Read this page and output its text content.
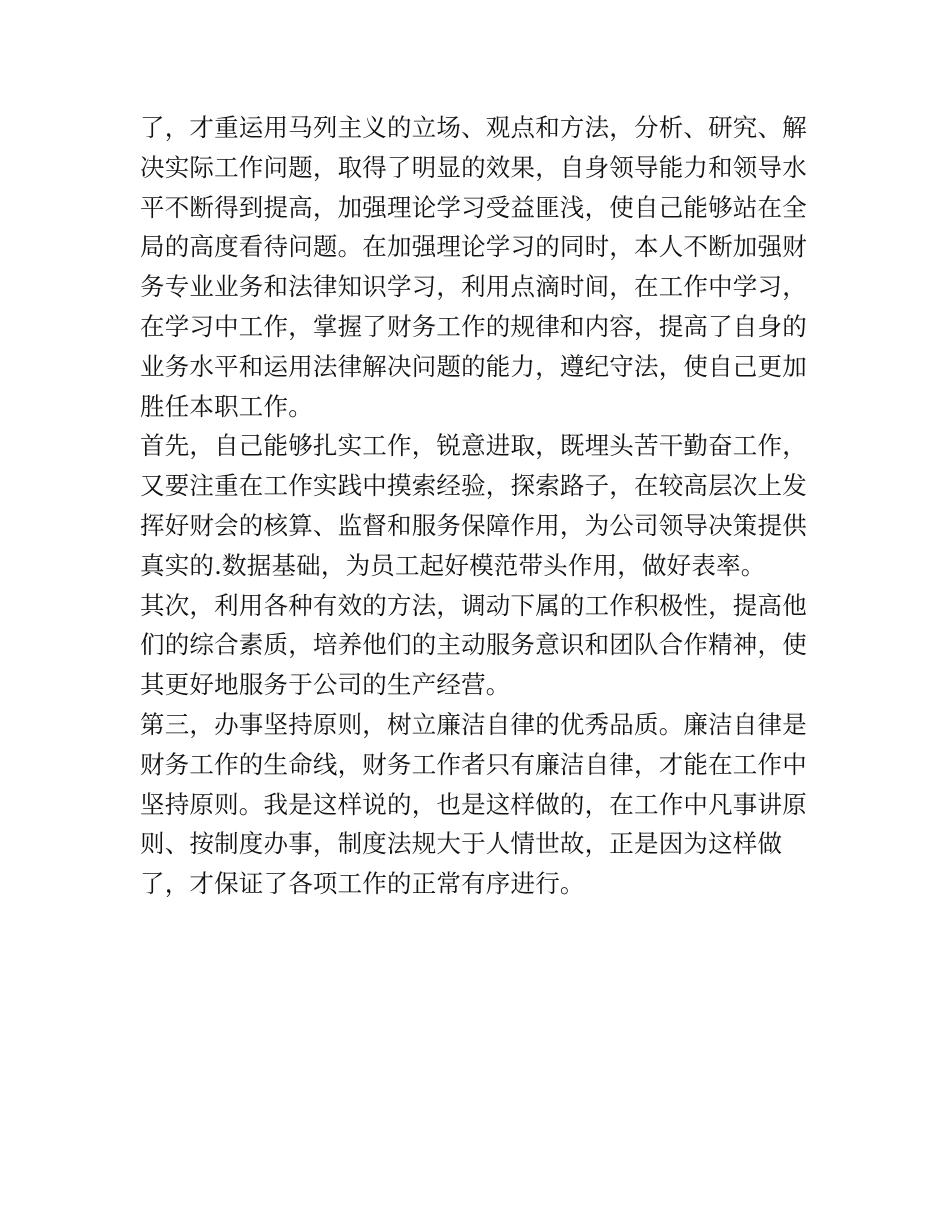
了，才重运用马列主义的立场、观点和方法，分析、研究、解
决实际工作问题，取得了明显的效果，自身领导能力和领导水
平不断得到提高，加强理论学习受益匪浅，使自己能够站在全
局的高度看待问题。在加强理论学习的同时，本人不断加强财
务专业业务和法律知识学习，利用点滴时间，在工作中学习，
在学习中工作，掌握了财务工作的规律和内容，提高了自身的
业务水平和运用法律解决问题的能力，遵纪守法，使自己更加
胜任本职工作。
首先，自己能够扎实工作，锐意进取，既埋头苦干勤奋工作，
又要注重在工作实践中摸索经验，探索路子，在较高层次上发
挥好财会的核算、监督和服务保障作用，为公司领导决策提供
真实的.数据基础，为员工起好模范带头作用，做好表率。
其次，利用各种有效的方法，调动下属的工作积极性，提高他
们的综合素质，培养他们的主动服务意识和团队合作精神，使
其更好地服务于公司的生产经营。
第三，办事坚持原则，树立廉洁自律的优秀品质。廉洁自律是
财务工作的生命线，财务工作者只有廉洁自律，才能在工作中
坚持原则。我是这样说的，也是这样做的，在工作中凡事讲原
则、按制度办事，制度法规大于人情世故，正是因为这样做
了，才保证了各项工作的正常有序进行。
